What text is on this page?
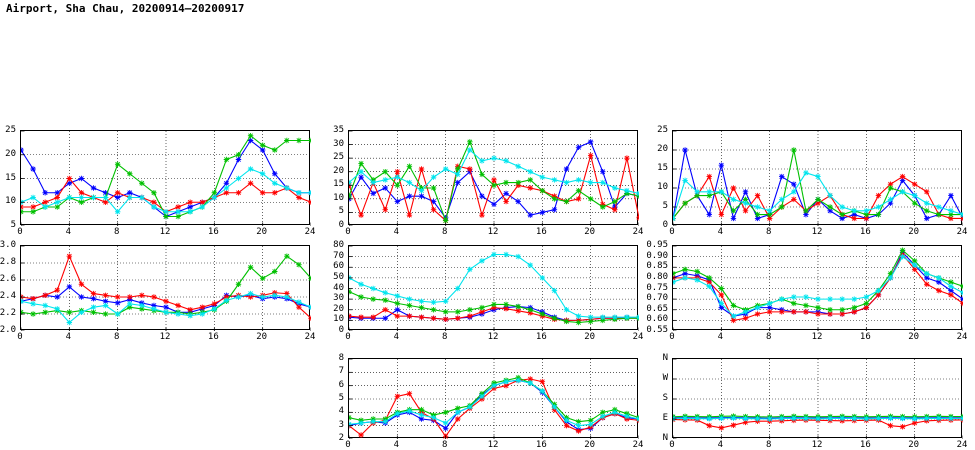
Airport, Sha Chau, 20200914–20200917
0	4	8	12	16	20	24
5
10
15
20
25
0	4	8	12	16	20	24
0
5
10
15
20
25
30
35
0	4	8	12	16	20	24
0
5
10
15
20
25
0	4	8	12	16	20	24
2.0
2.2
2.4
2.6
2.8
3.0
0	4	8	12	16	20	24
0
10
20
30
40
50
60
70
80
0	4	8	12	16	20	24
0.55
0.60
0.65
0.70
0.75
0.80
0.85
0.90
0.95
0	4	8	12	16	20	24
2
3
4
5
6
7
8
0	4	8	12	16	20	24
N
E
S
W
N
